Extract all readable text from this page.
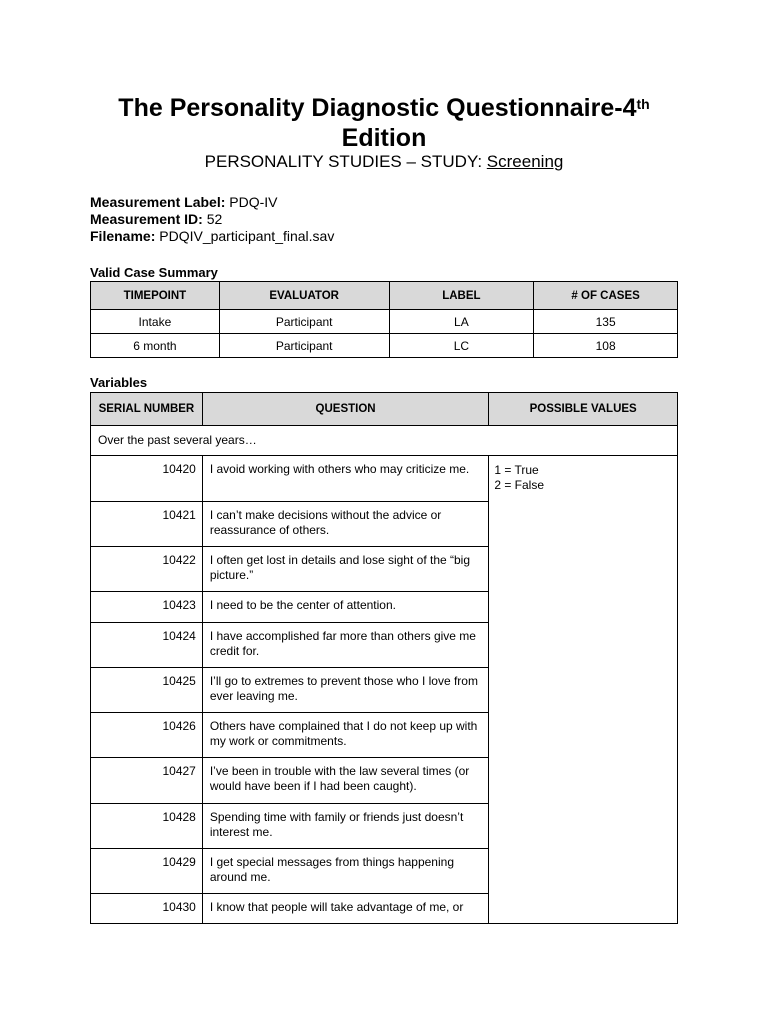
The Personality Diagnostic Questionnaire-4th
Edition
PERSONALITY STUDIES – STUDY: Screening
Measurement Label: PDQ-IV
Measurement ID: 52
Filename: PDQIV_participant_final.sav
Valid Case Summary
TIMEPOINT	EVALUATOR	LABEL	# OF CASES
Intake	Participant	LA	135
6 month	Participant	LC	108
Variables
SERIAL NUMBER	QUESTION	POSSIBLE VALUES
Over the past several years…		
10420	I avoid working with others who may criticize me.	1 = True
2 = False

10421	I can’t make decisions without the advice or reassurance of others.	
10422	I often get lost in details and lose sight of the “big picture.”	
10423	I need to be the center of attention.	
10424	I have accomplished far more than others give me credit for.	
10425	I’ll go to extremes to prevent those who I love from ever leaving me.	
10426	Others have complained that I do not keep up with my work or commitments.	
10427	I’ve been in trouble with the law several times (or would have been if I had been caught).	
10428	Spending time with family or friends just doesn’t interest me.	
10429	I get special messages from things happening around me.	
10430	I know that people will take advantage of me, or	
